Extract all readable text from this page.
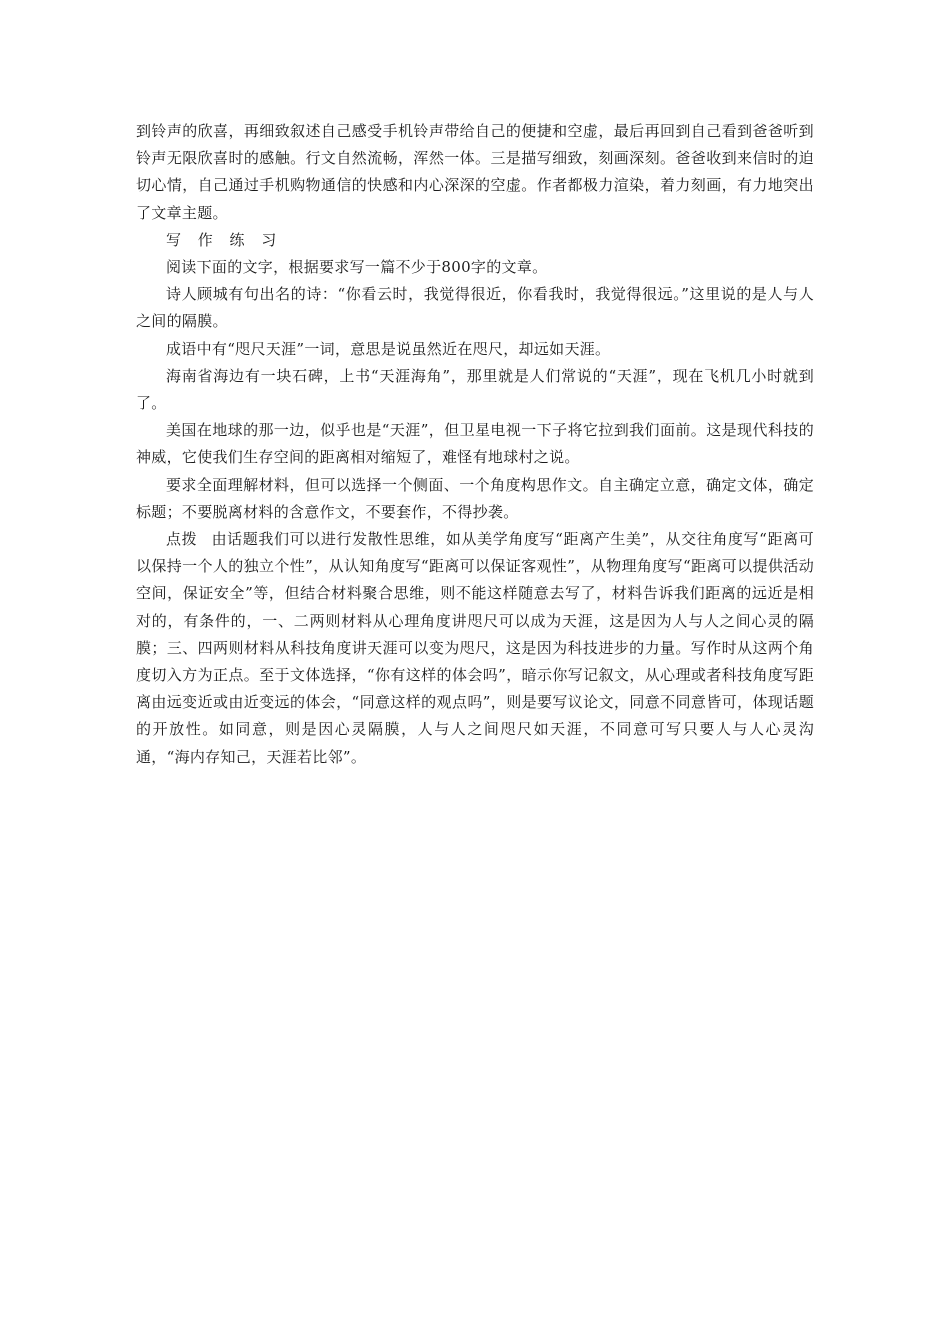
到铃声的欣喜，再细致叙述自己感受手机铃声带给自己的便捷和空虚，最后再回到自己看到爸爸听到铃声无限欣喜时的感触。行文自然流畅，浑然一体。三是描写细致，刻画深刻。爸爸收到来信时的迫切心情，自己通过手机购物通信的快感和内心深深的空虚。作者都极力渲染，着力刻画，有力地突出了文章主题。

写 作 练 习

阅读下面的文字，根据要求写一篇不少于800字的文章。

诗人顾城有句出名的诗：“你看云时，我觉得很近，你看我时，我觉得很远。”这里说的是人与人之间的隔膜。

成语中有“咫尺天涯”一词，意思是说虽然近在咫尺，却远如天涯。

海南省海边有一块石碑，上书“天涯海角”，那里就是人们常说的“天涯”，现在飞机几小时就到了。

美国在地球的那一边，似乎也是“天涯”，但卫星电视一下子将它拉到我们面前。这是现代科技的神威，它使我们生存空间的距离相对缩短了，难怪有地球村之说。

要求全面理解材料，但可以选择一个侧面、一个角度构思作文。自主确定立意，确定文体，确定标题；不要脱离材料的含意作文，不要套作，不得抄袭。

点拨 由话题我们可以进行发散性思维，如从美学角度写“距离产生美”，从交往角度写“距离可以保持一个人的独立个性”，从认知角度写“距离可以保证客观性”，从物理角度写“距离可以提供活动空间，保证安全”等，但结合材料聚合思维，则不能这样随意去写了，材料告诉我们距离的远近是相对的，有条件的，一、二两则材料从心理角度讲咫尺可以成为天涯，这是因为人与人之间心灵的隔膜；三、四两则材料从科技角度讲天涯可以变为咫尺，这是因为科技进步的力量。写作时从这两个角度切入方为正点。至于文体选择，“你有这样的体会吗”，暗示你写记叙文，从心理或者科技角度写距离由远变近或由近变远的体会，“同意这样的观点吗”，则是要写议论文，同意不同意皆可，体现话题的开放性。如同意，则是因心灵隔膜，人与人之间咫尺如天涯，不同意可写只要人与人心灵沟通，“海内存知己，天涯若比邻”。
